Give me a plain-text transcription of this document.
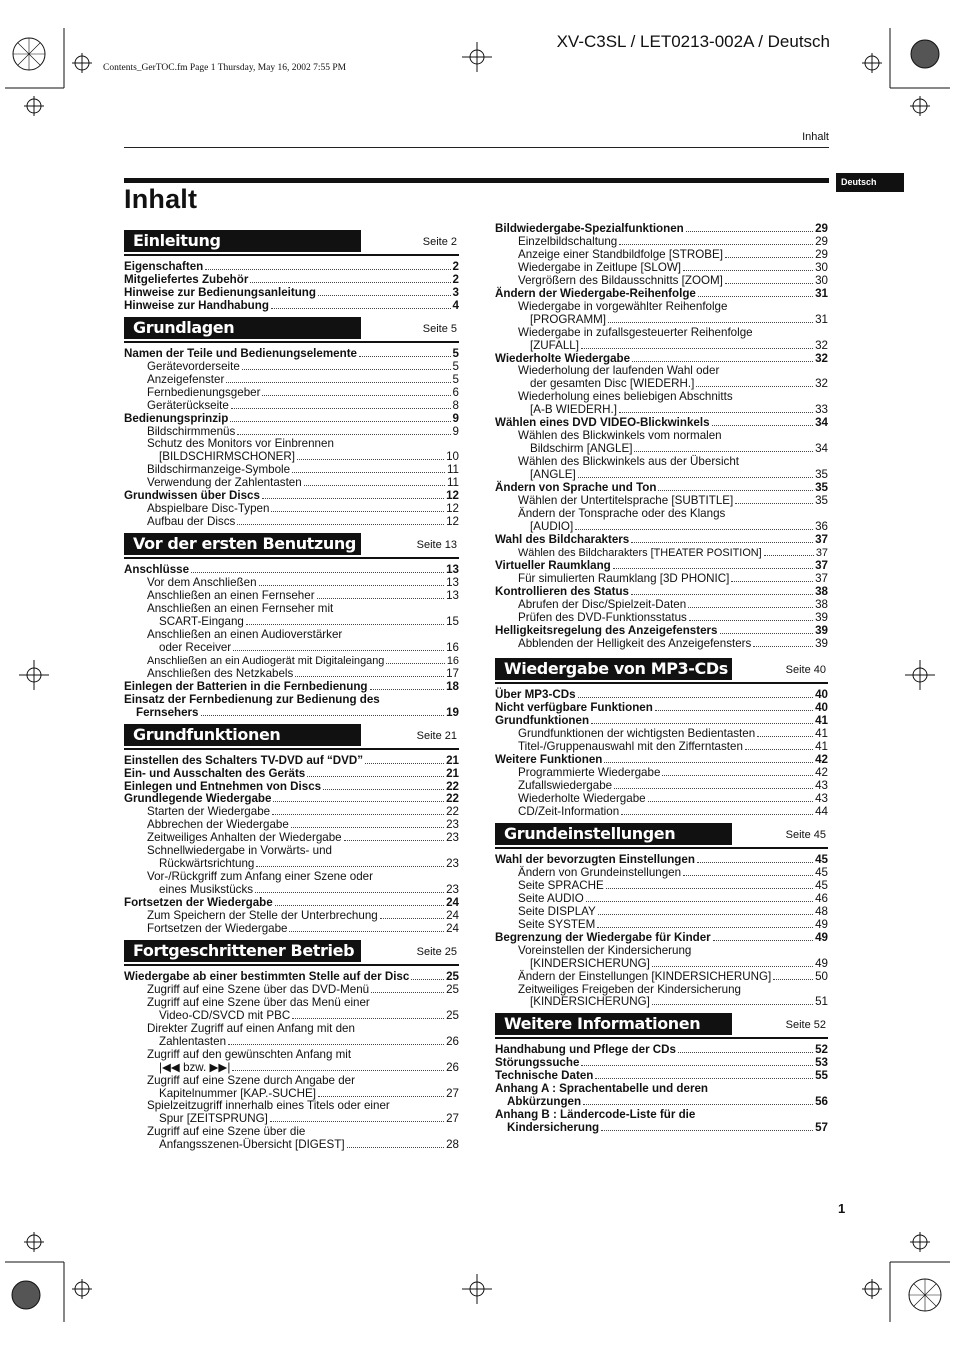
XV-C3SL / LET0213-002A / Deutsch
Contents_GerTOC.fm Page 1 Thursday, May 16, 2002 7:55 PM
Inhalt
Deutsch
Inhalt
Einleitung	Seite 2
Eigenschaften	2
Mitgeliefertes Zubehör	2
Hinweise zur Bedienungsanleitung	3
Hinweise zur Handhabung	4
Grundlagen	Seite 5
Namen der Teile und Bedienungselemente	5
Gerätevorderseite	5
Anzeigefenster	5
Fernbedienungsgeber	6
Geräterückseite	8
Bedienungsprinzip	9
Bildschirmmenüs	9
Schutz des Monitors vor Einbrennen
[BILDSCHIRMSCHONER]	10
Bildschirmanzeige-Symbole	11
Verwendung der Zahlentasten	11
Grundwissen über Discs	12
Abspielbare Disc-Typen	12
Aufbau der Discs	12
Vor der ersten Benutzung	Seite 13
Anschlüsse	13
Vor dem Anschließen	13
Anschließen an einen Fernseher	13
Anschließen an einen Fernseher mit
SCART-Eingang	15
Anschließen an einen Audioverstärker
oder Receiver	16
Anschließen an ein Audiogerät mit Digitaleingang	16
Anschließen des Netzkabels	17
Einlegen der Batterien in die Fernbedienung	18
Einsatz der Fernbedienung zur Bedienung des
Fernsehers	19
Grundfunktionen	Seite 21
Einstellen des Schalters TV-DVD auf “DVD”	21
Ein- und Ausschalten des Geräts	21
Einlegen und Entnehmen von Discs	22
Grundlegende Wiedergabe	22
Starten der Wiedergabe	22
Abbrechen der Wiedergabe	23
Zeitweiliges Anhalten der Wiedergabe	23
Schnellwiedergabe in Vorwärts- und
Rückwärtsrichtung	23
Vor-/Rückgriff zum Anfang einer Szene oder
eines Musikstücks	23
Fortsetzen der Wiedergabe	24
Zum Speichern der Stelle der Unterbrechung	24
Fortsetzen der Wiedergabe	24
Fortgeschrittener Betrieb	Seite 25
Wiedergabe ab einer bestimmten Stelle auf der Disc	25
Zugriff auf eine Szene über das DVD-Menü	25
Zugriff auf eine Szene über das Menü einer
Video-CD/SVCD mit PBC	25
Direkter Zugriff auf einen Anfang mit den
Zahlentasten	26
Zugriff auf den gewünschten Anfang mit
|◀◀ bzw. ▶▶|	26
Zugriff auf eine Szene durch Angabe der
Kapitelnummer [KAP.-SUCHE]	27
Spielzeitzugriff innerhalb eines Titels oder einer
Spur [ZEITSPRUNG]	27
Zugriff auf eine Szene über die
Anfangsszenen-Übersicht [DIGEST]	28
Bildwiedergabe-Spezialfunktionen	29
Einzelbildschaltung	29
Anzeige einer Standbildfolge [STROBE]	29
Wiedergabe in Zeitlupe [SLOW]	30
Vergrößern des Bildausschnitts [ZOOM]	30
Ändern der Wiedergabe-Reihenfolge	31
Wiedergabe in vorgewählter Reihenfolge
[PROGRAMM]	31
Wiedergabe in zufallsgesteuerter Reihenfolge
[ZUFALL]	32
Wiederholte Wiedergabe	32
Wiederholung der laufenden Wahl oder
der gesamten Disc [WIEDERH.]	32
Wiederholung eines beliebigen Abschnitts
[A-B WIEDERH.]	33
Wählen eines DVD VIDEO-Blickwinkels	34
Wählen des Blickwinkels vom normalen
Bildschirm [ANGLE]	34
Wählen des Blickwinkels aus der Übersicht
[ANGLE]	35
Ändern von Sprache und Ton	35
Wählen der Untertitelsprache [SUBTITLE]	35
Ändern der Tonsprache oder des Klangs
[AUDIO]	36
Wahl des Bildcharakters	37
Wählen des Bildcharakters [THEATER POSITION]	37
Virtueller Raumklang	37
Für simulierten Raumklang [3D PHONIC]	37
Kontrollieren des Status	38
Abrufen der Disc/Spielzeit-Daten	38
Prüfen des DVD-Funktionsstatus	39
Helligkeitsregelung des Anzeigefensters	39
Abblenden der Helligkeit des Anzeigefensters	39
Wiedergabe von MP3-CDs	Seite 40
Über MP3-CDs	40
Nicht verfügbare Funktionen	40
Grundfunktionen	41
Grundfunktionen der wichtigsten Bedientasten	41
Titel-/Gruppenauswahl mit den Zifferntasten	41
Weitere Funktionen	42
Programmierte Wiedergabe	42
Zufallswiedergabe	43
Wiederholte Wiedergabe	43
CD/Zeit-Information	44
Grundeinstellungen	Seite 45
Wahl der bevorzugten Einstellungen	45
Ändern von Grundeinstellungen	45
Seite SPRACHE	45
Seite AUDIO	46
Seite DISPLAY	48
Seite SYSTEM	49
Begrenzung der Wiedergabe für Kinder	49
Voreinstellen der Kindersicherung
[KINDERSICHERUNG]	49
Ändern der Einstellungen [KINDERSICHERUNG]	50
Zeitweiliges Freigeben der Kindersicherung
[KINDERSICHERUNG]	51
Weitere Informationen	Seite 52
Handhabung und Pflege der CDs	52
Störungssuche	53
Technische Daten	55
Anhang A : Sprachentabelle und deren
Abkürzungen	56
Anhang B : Ländercode-Liste für die
Kindersicherung	57
1
